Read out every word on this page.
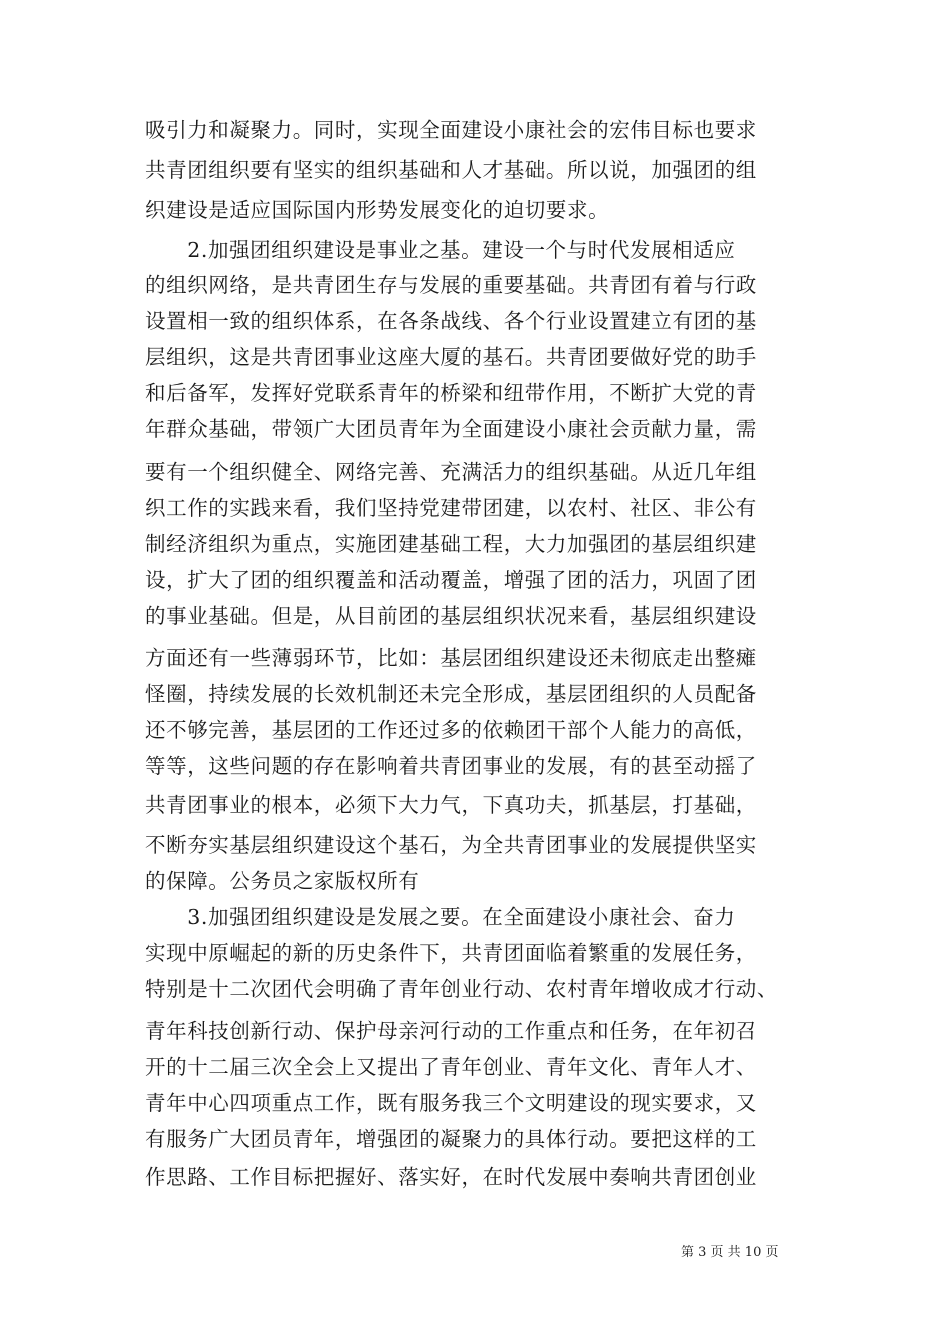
吸引力和凝聚力。同时，实现全面建设小康社会的宏伟目标也要求
共青团组织要有坚实的组织基础和人才基础。所以说，加强团的组
织建设是适应国际国内形势发展变化的迫切要求。
　　2.加强团组织建设是事业之基。建设一个与时代发展相适应
的组织网络，是共青团生存与发展的重要基础。共青团有着与行政
设置相一致的组织体系，在各条战线、各个行业设置建立有团的基
层组织，这是共青团事业这座大厦的基石。共青团要做好党的助手
和后备军，发挥好党联系青年的桥梁和纽带作用，不断扩大党的青
年群众基础，带领广大团员青年为全面建设小康社会贡献力量，需
要有一个组织健全、网络完善、充满活力的组织基础。从近几年组
织工作的实践来看，我们坚持党建带团建，以农村、社区、非公有
制经济组织为重点，实施团建基础工程，大力加强团的基层组织建
设，扩大了团的组织覆盖和活动覆盖，增强了团的活力，巩固了团
的事业基础。但是，从目前团的基层组织状况来看，基层组织建设
方面还有一些薄弱环节，比如：基层团组织建设还未彻底走出整瘫
怪圈，持续发展的长效机制还未完全形成，基层团组织的人员配备
还不够完善，基层团的工作还过多的依赖团干部个人能力的高低，
等等，这些问题的存在影响着共青团事业的发展，有的甚至动摇了
共青团事业的根本，必须下大力气，下真功夫，抓基层，打基础，
不断夯实基层组织建设这个基石，为全共青团事业的发展提供坚实
的保障。公务员之家版权所有
　　3.加强团组织建设是发展之要。在全面建设小康社会、奋力
实现中原崛起的新的历史条件下，共青团面临着繁重的发展任务，
特别是十二次团代会明确了青年创业行动、农村青年增收成才行动、
青年科技创新行动、保护母亲河行动的工作重点和任务，在年初召
开的十二届三次全会上又提出了青年创业、青年文化、青年人才、
青年中心四项重点工作，既有服务我三个文明建设的现实要求，又
有服务广大团员青年，增强团的凝聚力的具体行动。要把这样的工
作思路、工作目标把握好、落实好，在时代发展中奏响共青团创业
第 3 页 共 10 页
